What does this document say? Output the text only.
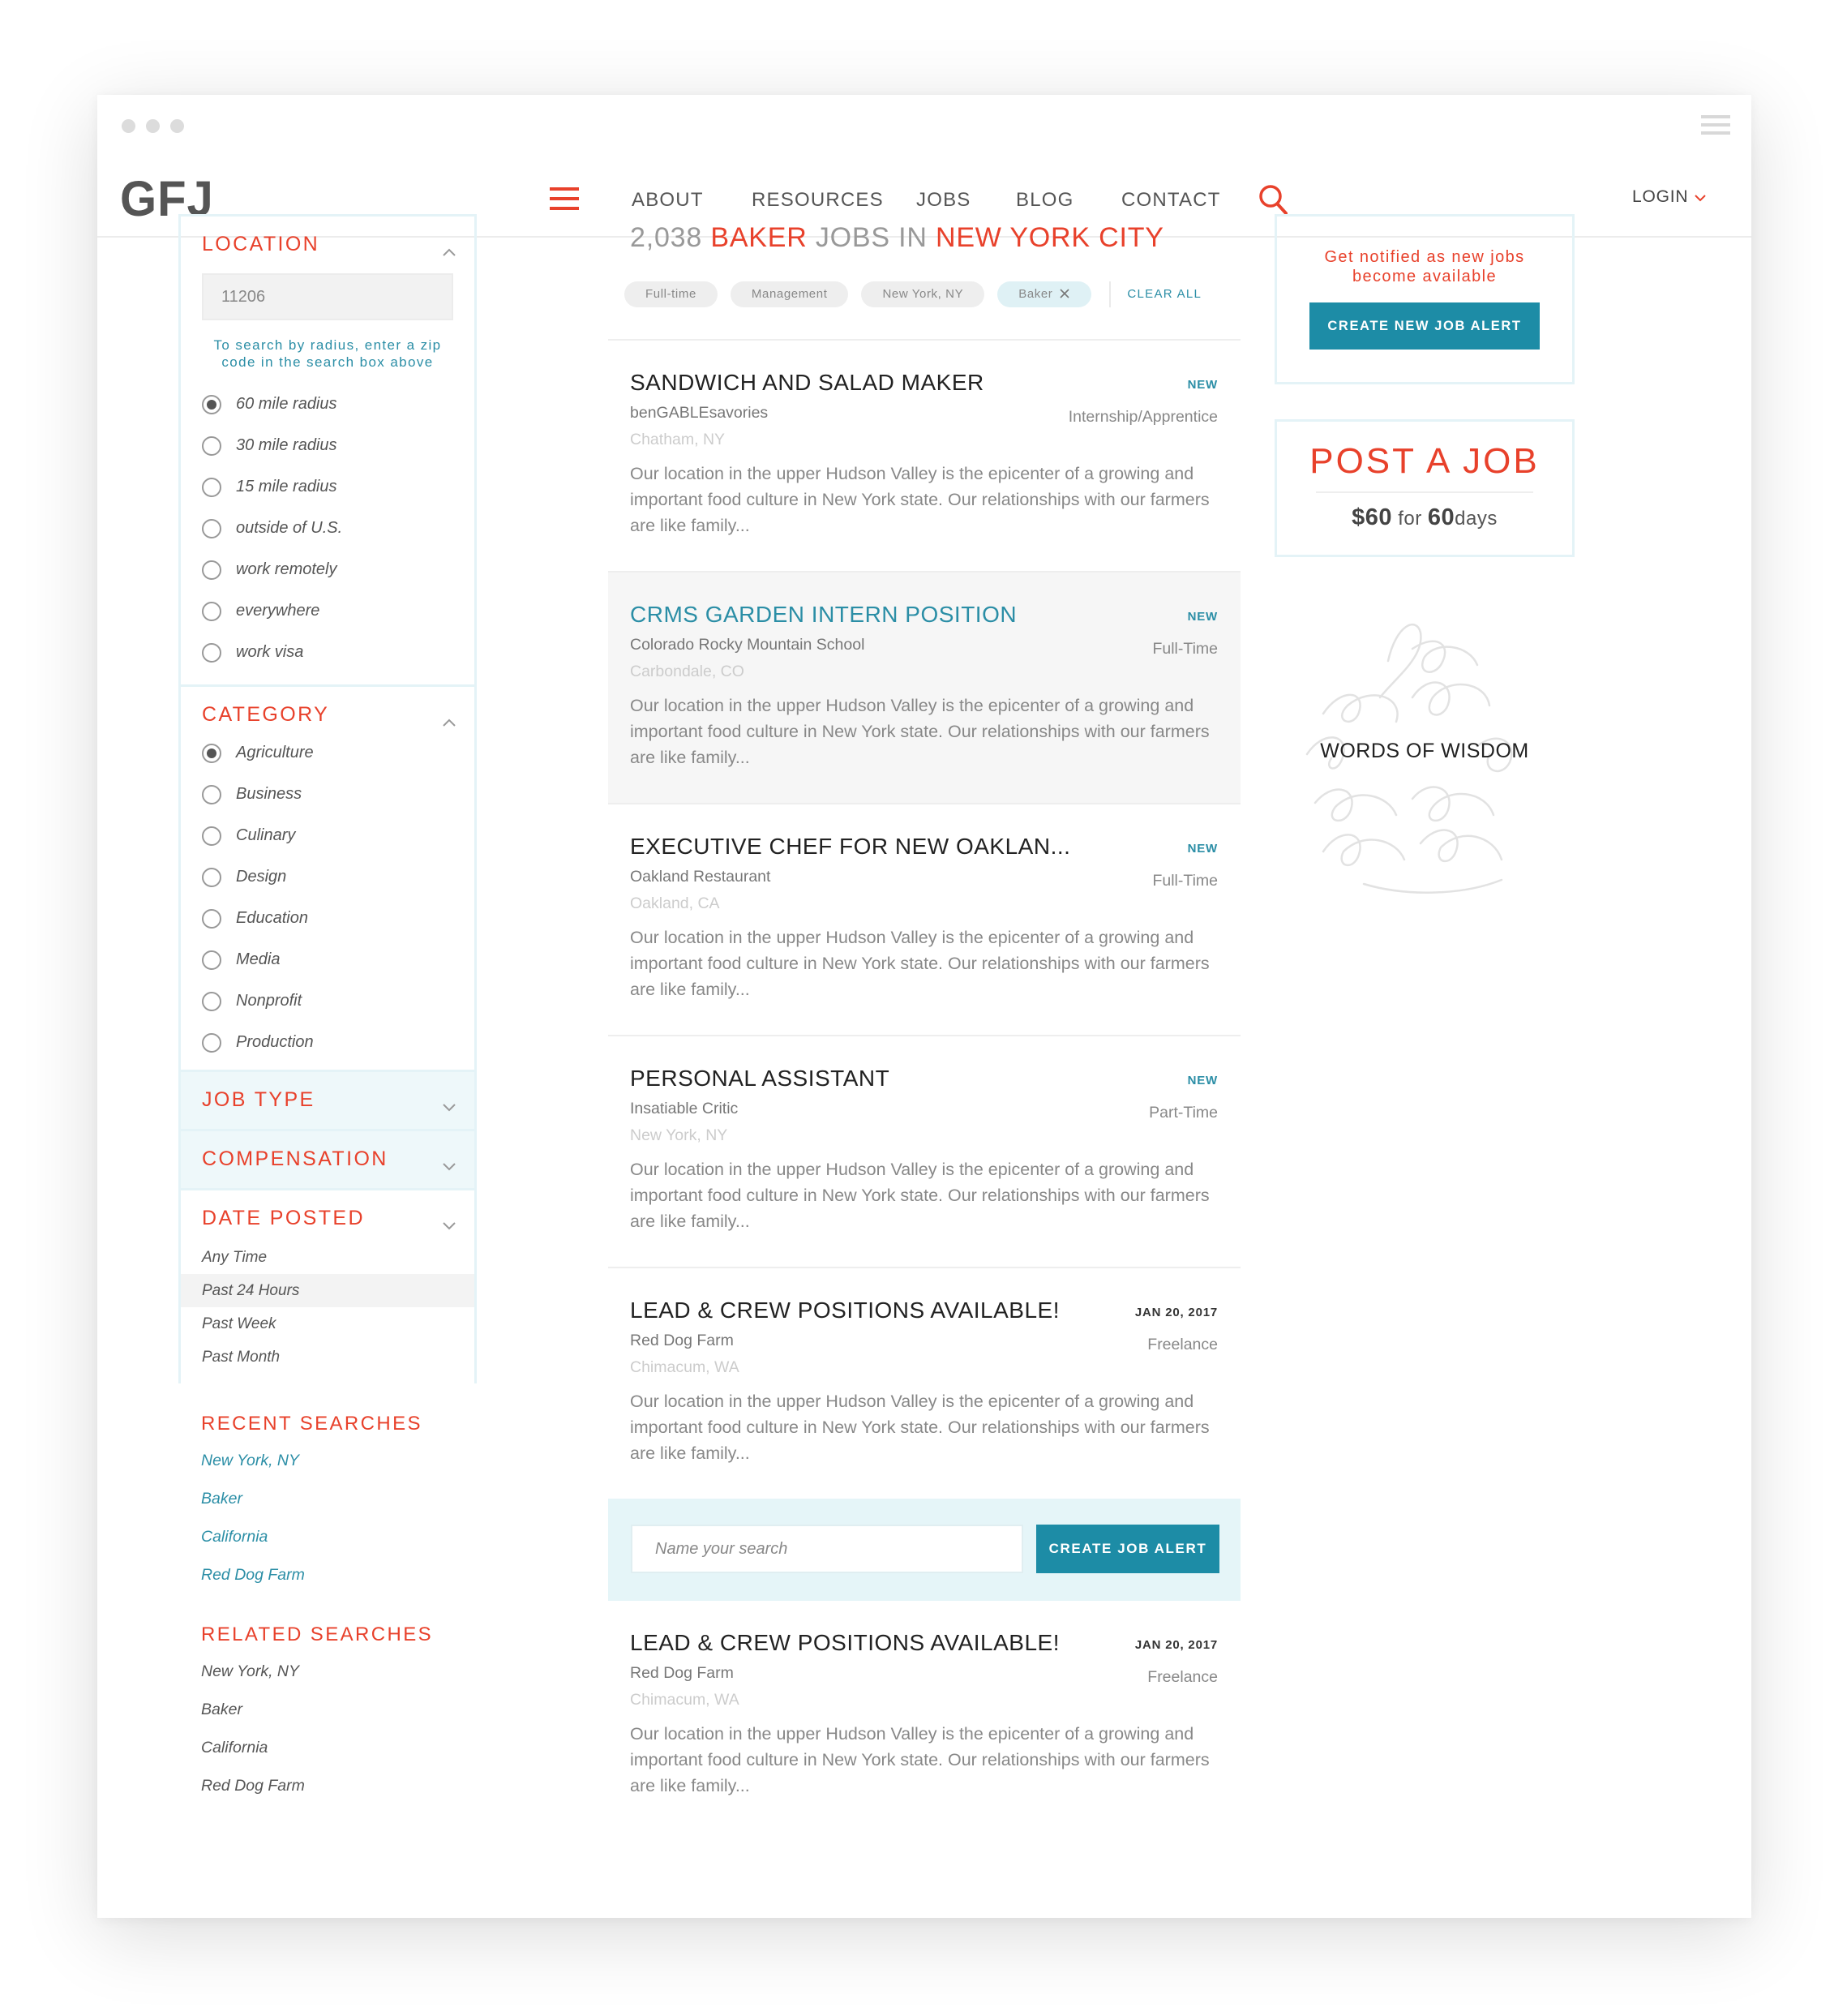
GFJ	ABOUT RESOURCES JOBS BLOG CONTACT	LOGIN
LOCATION
11206
To search by radius, enter a zip code in the search box above
60 mile radius
30 mile radius
15 mile radius
outside of U.S.
work remotely
everywhere
work visa
CATEGORY
Agriculture
Business
Culinary
Design
Education
Media
Nonprofit
Production
JOB TYPE
COMPENSATION
DATE POSTED
Any Time
Past 24 Hours
Past Week
Past Month
RECENT SEARCHES
New York, NY
Baker
California
Red Dog Farm
RELATED SEARCHES
New York, NY
Baker
California
Red Dog Farm
2,038 BAKER JOBS IN NEW YORK CITY
Full-time	Management	New York, NY	Baker	CLEAR ALL
SANDWICH AND SALAD MAKER	NEW
benGABLEsavories	Internship/Apprentice
Chatham, NY
Our location in the upper Hudson Valley is the epicenter of a growing and important food culture in New York state. Our relationships with our farmers are like family...
CRMS GARDEN INTERN POSITION	NEW
Colorado Rocky Mountain School	Full-Time
Carbondale, CO
Our location in the upper Hudson Valley is the epicenter of a growing and important food culture in New York state. Our relationships with our farmers are like family...
EXECUTIVE CHEF FOR NEW OAKLAN...	NEW
Oakland Restaurant	Full-Time
Oakland, CA
Our location in the upper Hudson Valley is the epicenter of a growing and important food culture in New York state. Our relationships with our farmers are like family...
PERSONAL ASSISTANT	NEW
Insatiable Critic	Part-Time
New York, NY
Our location in the upper Hudson Valley is the epicenter of a growing and important food culture in New York state. Our relationships with our farmers are like family...
LEAD & CREW POSITIONS AVAILABLE!	JAN 20, 2017
Red Dog Farm	Freelance
Chimacum, WA
Our location in the upper Hudson Valley is the epicenter of a growing and important food culture in New York state. Our relationships with our farmers are like family...
Name your search
CREATE JOB ALERT
LEAD & CREW POSITIONS AVAILABLE!	JAN 20, 2017
Red Dog Farm	Freelance
Chimacum, WA
Our location in the upper Hudson Valley is the epicenter of a growing and important food culture in New York state. Our relationships with our farmers are like family...

Get notified as new jobs become available

CREATE NEW JOB ALERT
POST A JOB
$60 for 60days
WORDS OF WISDOM
